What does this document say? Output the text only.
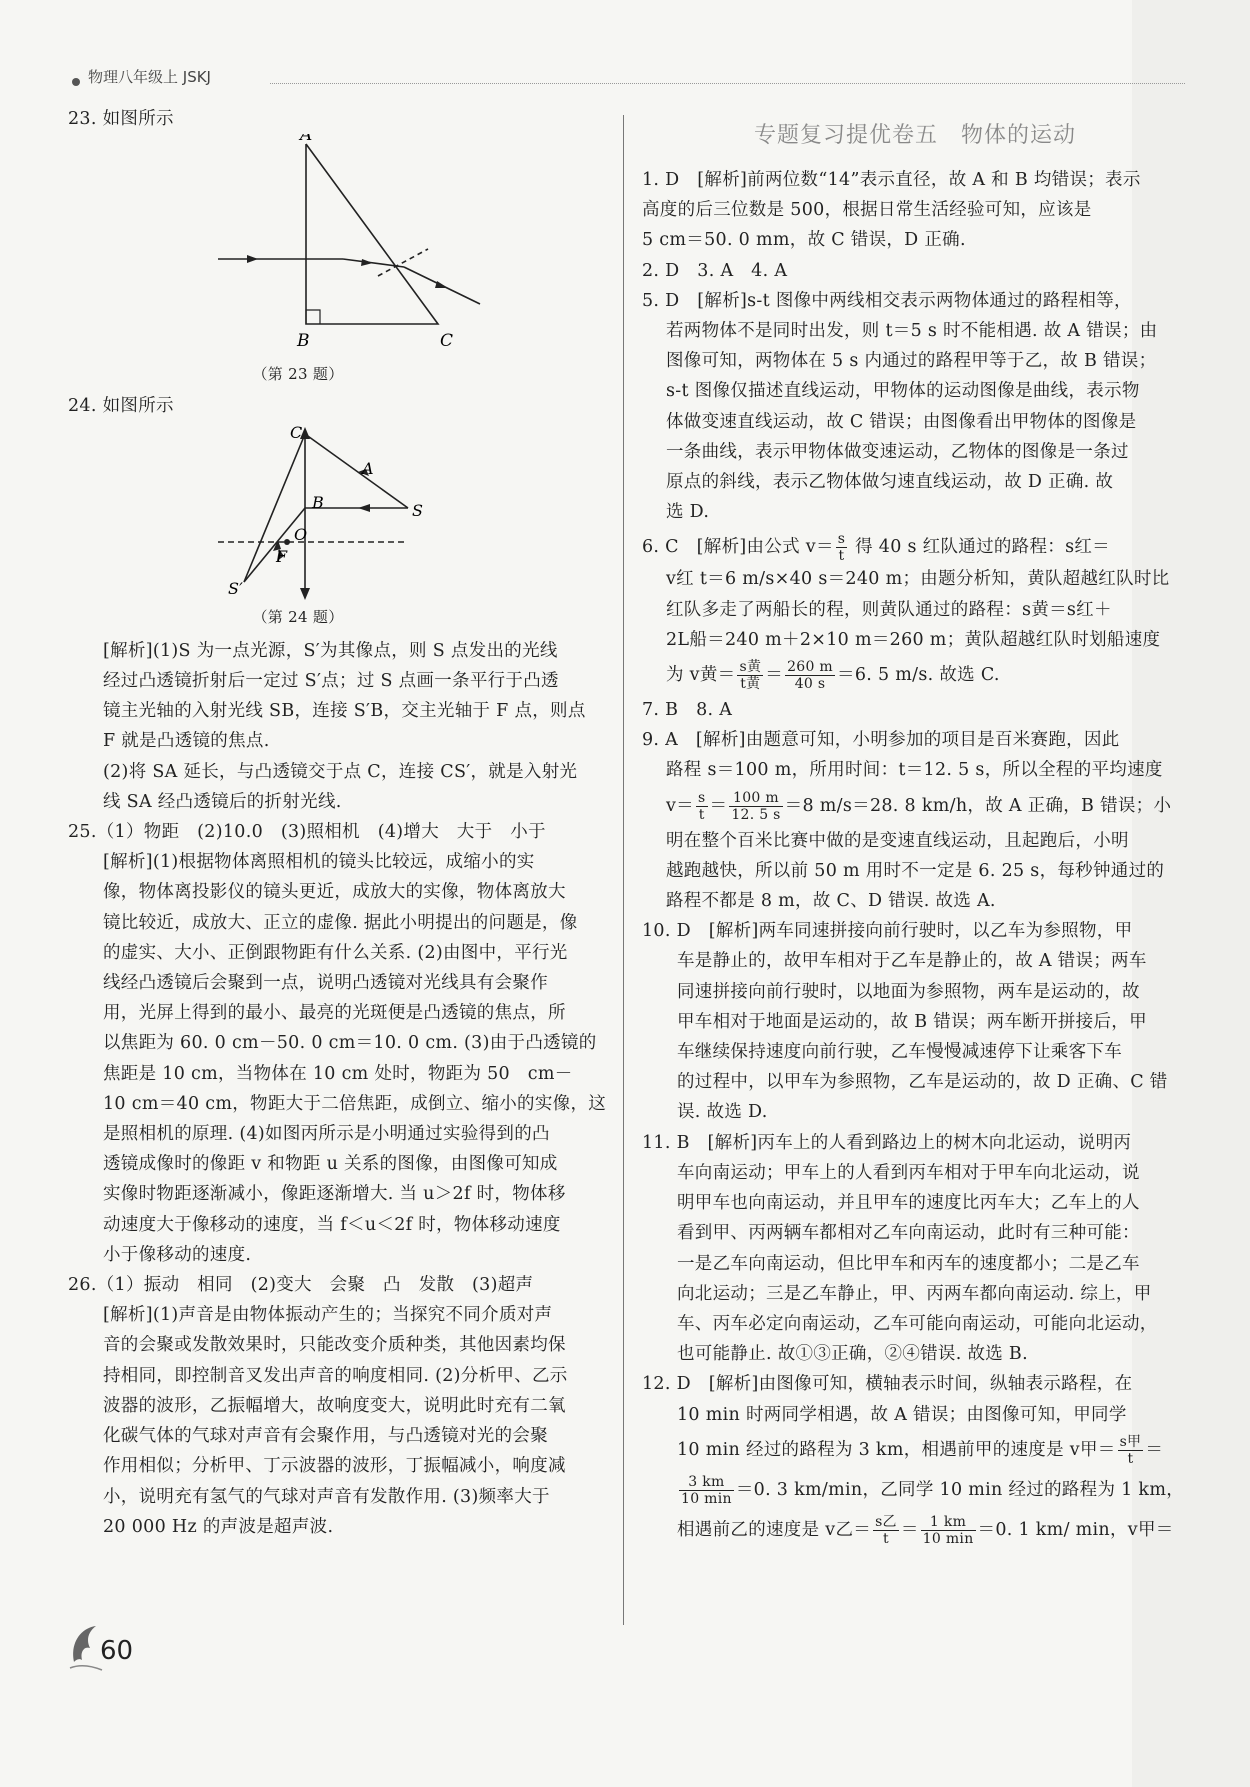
物理八年级上 JSKJ
专题复习提优卷五　物体的运动

23. 如图所示

A
B	C

（第 23 题）

24. 如图所示

C
A
B	S
O
F
S′

（第 24 题）

[解析](1)S 为一点光源，S′为其像点，则 S 点发出的光线

经过凸透镜折射后一定过 S′点；过 S 点画一条平行于凸透

镜主光轴的入射光线 SB，连接 S′B，交主光轴于 F 点，则点

F 就是凸透镜的焦点.

(2)将 SA 延长，与凸透镜交于点 C，连接 CS′，就是入射光

线 SA 经凸透镜后的折射光线.

25.（1）物距　(2)10.0　(3)照相机　(4)增大　大于　小于

[解析](1)根据物体离照相机的镜头比较远，成缩小的实

像，物体离投影仪的镜头更近，成放大的实像，物体离放大

镜比较近，成放大、正立的虚像. 据此小明提出的问题是，像

的虚实、大小、正倒跟物距有什么关系. (2)由图中，平行光

线经凸透镜后会聚到一点，说明凸透镜对光线具有会聚作

用，光屏上得到的最小、最亮的光斑便是凸透镜的焦点，所

以焦距为 60. 0 cm－50. 0 cm＝10. 0 cm. (3)由于凸透镜的

焦距是 10 cm，当物体在 10 cm 处时，物距为 50　cm－

10 cm＝40 cm，物距大于二倍焦距，成倒立、缩小的实像，这

是照相机的原理. (4)如图丙所示是小明通过实验得到的凸

透镜成像时的像距 v 和物距 u 关系的图像，由图像可知成

实像时物距逐渐减小，像距逐渐增大. 当 u＞2f 时，物体移

动速度大于像移动的速度，当 f＜u＜2f 时，物体移动速度

小于像移动的速度.

26.（1）振动　相同　(2)变大　会聚　凸　发散　(3)超声

[解析](1)声音是由物体振动产生的；当探究不同介质对声

音的会聚或发散效果时，只能改变介质种类，其他因素均保

持相同，即控制音叉发出声音的响度相同. (2)分析甲、乙示

波器的波形，乙振幅增大，故响度变大，说明此时充有二氧

化碳气体的气球对声音有会聚作用，与凸透镜对光的会聚

作用相似；分析甲、丁示波器的波形，丁振幅减小，响度减

小，说明充有氢气的气球对声音有发散作用. (3)频率大于

20 000 Hz 的声波是超声波.

1. D　[解析]前两位数“14”表示直径，故 A 和 B 均错误；表示

高度的后三位数是 500，根据日常生活经验可知，应该是

5 cm＝50. 0 mm，故 C 错误，D 正确.

2. D　3. A　4. A

5. D　[解析]s-t 图像中两线相交表示两物体通过的路程相等，

若两物体不是同时出发，则 t＝5 s 时不能相遇. 故 A 错误；由

图像可知，两物体在 5 s 内通过的路程甲等于乙，故 B 错误；

s-t 图像仅描述直线运动，甲物体的运动图像是曲线，表示物

体做变速直线运动，故 C 错误；由图像看出甲物体的图像是

一条曲线，表示甲物体做变速运动，乙物体的图像是一条过

原点的斜线，表示乙物体做匀速直线运动，故 D 正确. 故

选 D.

6. C　[解析]由公式 $v= \frac{s}{t}$ 得 40 s 红队通过的路程：s红＝

v红 t＝6 m/s×40 s＝240 m；由题分析知，黄队超越红队时比

红队多走了两船长的程，则黄队通过的路程：s黄＝s红＋

2L船＝240 m＋2×10 m＝260 m；黄队超越红队时划船速度

为 v黄＝ $\frac{\text{s黄}}{\text{t黄}} = \frac{260 m}{40 s} =6$. 5 m/s. 故选 C.

7. B　8. A

9. A　[解析]由题意可知，小明参加的项目是百米赛跑，因此

路程 s＝100 m，所用时间：t＝12. 5 s，所以全程的平均速度

$v= \frac{s}{t} = \frac{100 m}{12. 5 s} =8$ m/s＝28. 8 km/h，故 A 正确，B 错误；小

明在整个百米比赛中做的是变速直线运动，且起跑后，小明

越跑越快，所以前 50 m 用时不一定是 6. 25 s，每秒钟通过的

路程不都是 8 m，故 C、D 错误. 故选 A.

10. D　[解析]两车同速拼接向前行驶时，以乙车为参照物，甲

车是静止的，故甲车相对于乙车是静止的，故 A 错误；两车

同速拼接向前行驶时，以地面为参照物，两车是运动的，故

甲车相对于地面是运动的，故 B 错误；两车断开拼接后，甲

车继续保持速度向前行驶，乙车慢慢减速停下让乘客下车

的过程中，以甲车为参照物，乙车是运动的，故 D 正确、C 错

误. 故选 D.

11. B　[解析]丙车上的人看到路边上的树木向北运动，说明丙

车向南运动；甲车上的人看到丙车相对于甲车向北运动，说

明甲车也向南运动，并且甲车的速度比丙车大；乙车上的人

看到甲、丙两辆车都相对乙车向南运动，此时有三种可能：

一是乙车向南运动，但比甲车和丙车的速度都小；二是乙车

向北运动；三是乙车静止，甲、丙两车都向南运动. 综上，甲

车、丙车必定向南运动，乙车可能向南运动，可能向北运动，

也可能静止. 故①③正确，②④错误. 故选 B.

12. D　[解析]由图像可知，横轴表示时间，纵轴表示路程，在

10 min 时两同学相遇，故 A 错误；由图像可知，甲同学

10 min 经过的路程为 3 km，相遇前甲的速度是 v甲＝ $\frac{\text{s甲}}{t}$ ＝

$\frac{3 km}{10 \min} =0$. 3 km/min，乙同学 10 min 经过的路程为 1 km，

相遇前乙的速度是 v乙＝ $\frac{\text{s乙}}{t} = \frac{1 km}{10 \min} =0$. 1 km/ min，v甲＝

60
